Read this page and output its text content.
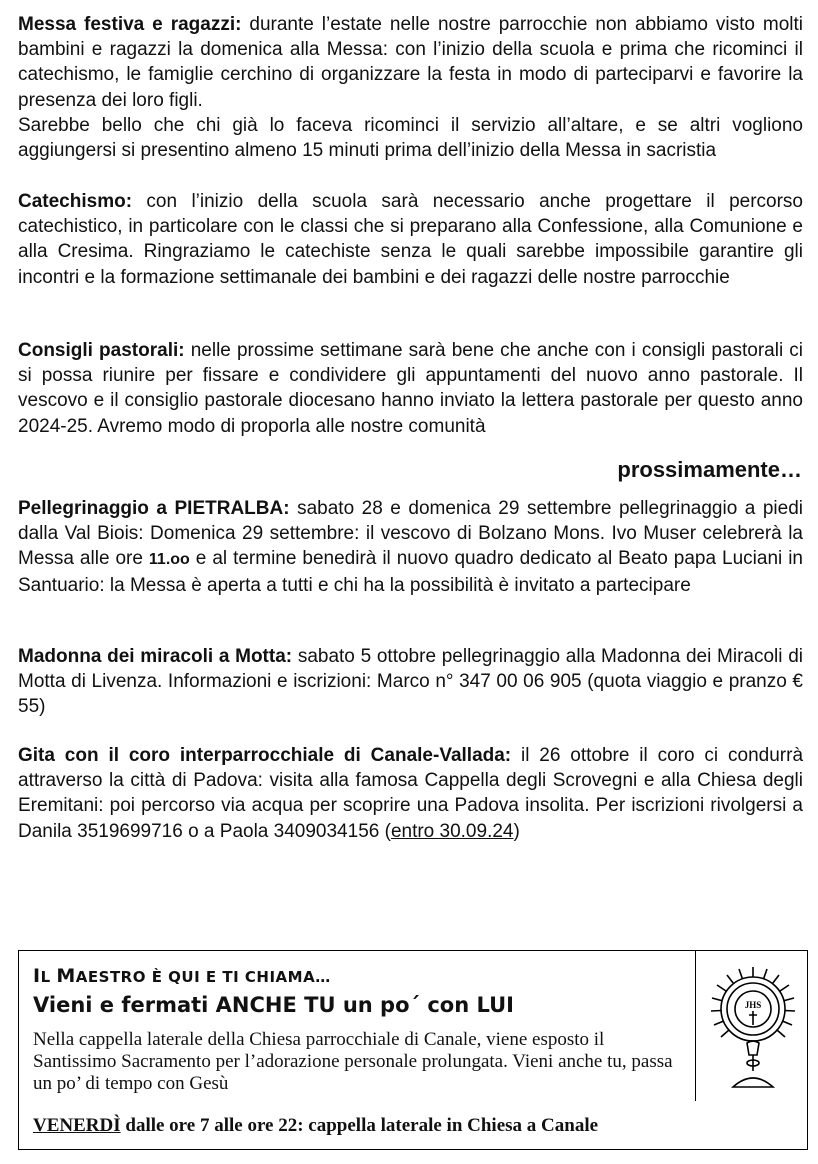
Messa festiva e ragazzi: durante l’estate nelle nostre parrocchie non abbiamo visto molti bambini e ragazzi la domenica alla Messa: con l’inizio della scuola e prima che ricominci il catechismo, le famiglie cerchino di organizzare la festa in modo di parteciparvi e favorire la presenza dei loro figli.
Sarebbe bello che chi già lo faceva ricominci il servizio all’altare, e se altri vogliono aggiungersi si presentino almeno 15 minuti prima dell’inizio della Messa in sacristia
Catechismo: con l’inizio della scuola sarà necessario anche progettare il percorso catechistico, in particolare con le classi che si preparano alla Confessione, alla Comunione e alla Cresima. Ringraziamo le catechiste senza le quali sarebbe impossibile garantire gli incontri e la formazione settimanale dei bambini e dei ragazzi delle nostre parrocchie
Consigli pastorali: nelle prossime settimane sarà bene che anche con i consigli pastorali ci si possa riunire per fissare e condividere gli appuntamenti del nuovo anno pastorale. Il vescovo e il consiglio pastorale diocesano hanno inviato la lettera pastorale per questo anno 2024-25. Avremo modo di proporla alle nostre comunità
prossimamente…
Pellegrinaggio a PIETRALBA: sabato 28 e domenica 29 settembre pellegrinaggio a piedi dalla Val Biois: Domenica 29 settembre: il vescovo di Bolzano Mons. Ivo Muser celebrerà la Messa alle ore 11.oo e al termine benedirà il nuovo quadro dedicato al Beato papa Luciani in Santuario: la Messa è aperta a tutti e chi ha la possibilità è invitato a partecipare
Madonna dei miracoli a Motta: sabato 5 ottobre pellegrinaggio alla Madonna dei Miracoli di Motta di Livenza. Informazioni e iscrizioni: Marco n° 347 00 06 905 (quota viaggio e pranzo € 55)
Gita con il coro interparrocchiale di Canale-Vallada: il 26 ottobre il coro ci condurrà attraverso la città di Padova: visita alla famosa Cappella degli Scrovegni e alla Chiesa degli Eremitani: poi percorso via acqua per scoprire una Padova insolita. Per iscrizioni rivolgersi a Danila 3519699716 o a Paola 3409034156 (entro 30.09.24)
IL MAESTRO È QUI E TI CHIAMA…
Vieni e fermati ANCHE TU un po´ con LUI
Nella cappella laterale della Chiesa parrocchiale di Canale, viene esposto il Santissimo Sacramento per l’adorazione personale prolungata. Vieni anche tu, passa un po’ di tempo con Gesù
VENERDÌ dalle ore 7 alle ore 22: cappella laterale in Chiesa a Canale
JHS
